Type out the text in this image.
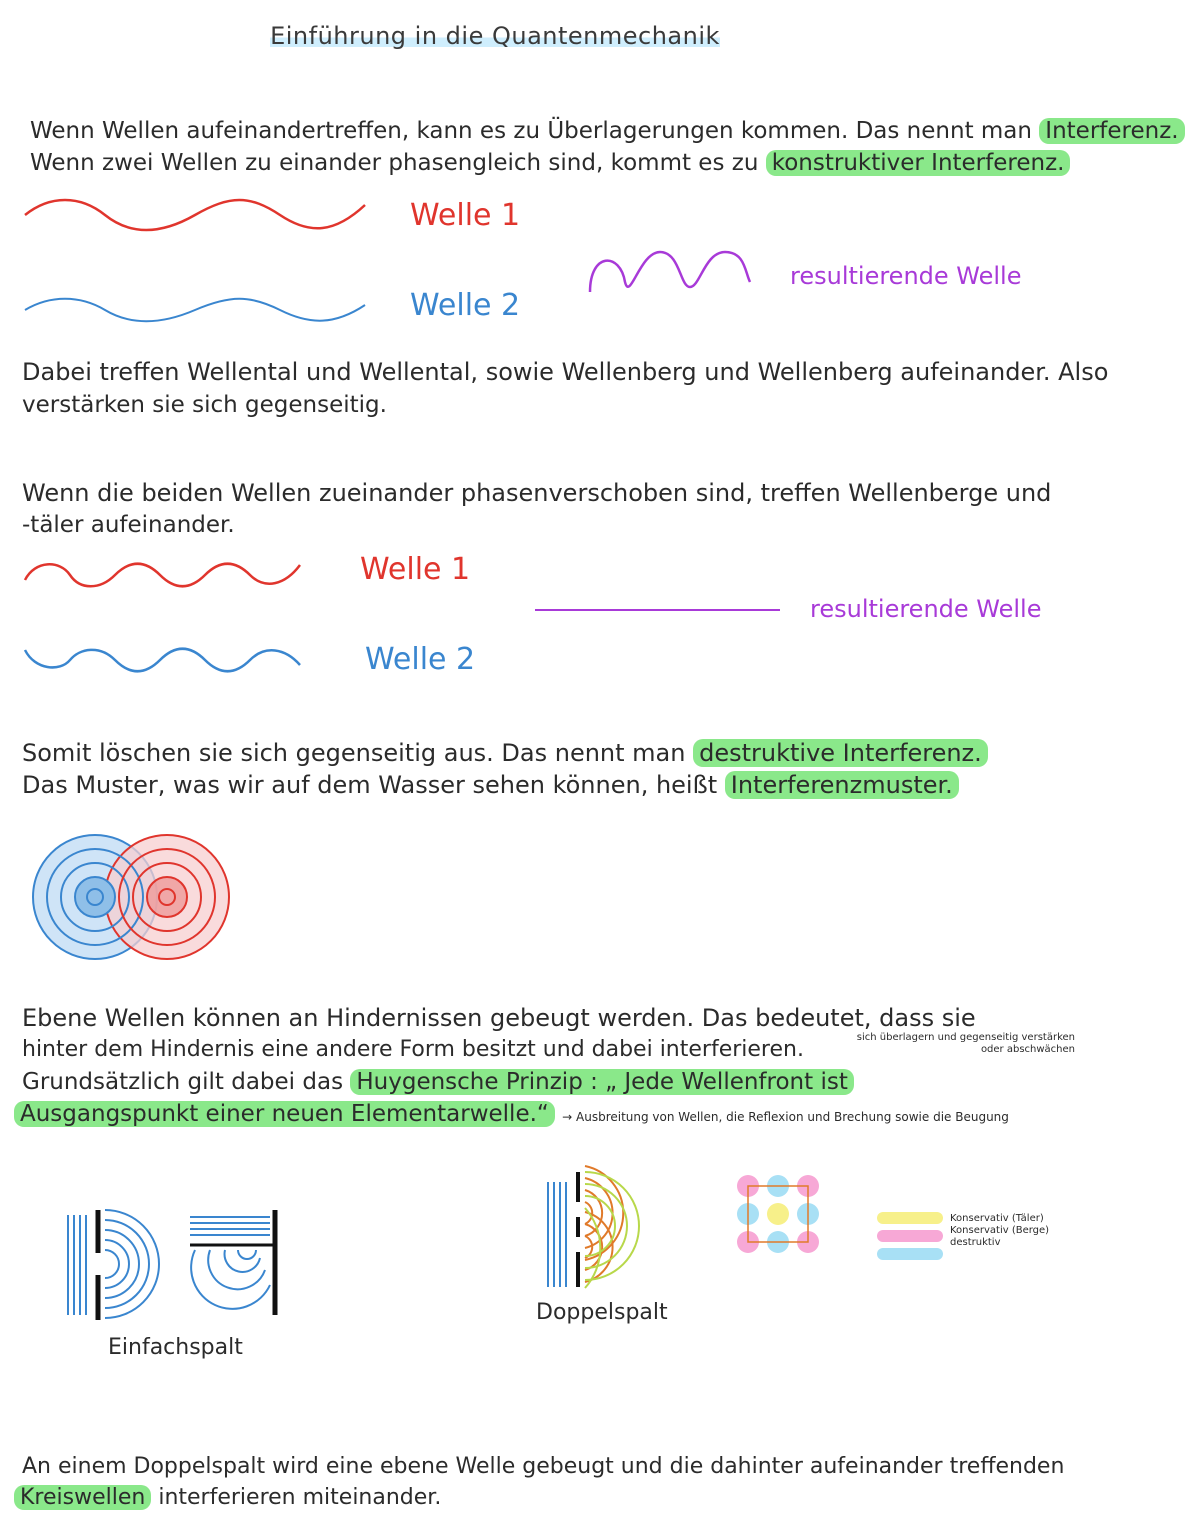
Einführung in die Quantenmechanik
Wenn Wellen aufeinandertreffen, kann es zu Überlagerungen kommen. Das nennt man Interferenz.
Wenn zwei Wellen zu einander phasengleich sind, kommt es zu konstruktiver Interferenz.
Welle 1
Welle 2
resultierende Welle
Dabei treffen Wellental und Wellental, sowie Wellenberg und Wellenberg aufeinander. Also
verstärken sie sich gegenseitig.
Wenn die beiden Wellen zueinander phasenverschoben sind, treffen Wellenberge und
-täler aufeinander.
Welle 1
Welle 2
resultierende Welle
Somit löschen sie sich gegenseitig aus. Das nennt man destruktive Interferenz.
Das Muster, was wir auf dem Wasser sehen können, heißt Interferenzmuster.
Ebene Wellen können an Hindernissen gebeugt werden. Das bedeutet, dass sie
hinter dem Hindernis eine andere Form besitzt und dabei interferieren.	sich überlagern und gegenseitig verstärken
oder abschwächen
Grundsätzlich gilt dabei das Huygensche Prinzip : „ Jede Wellenfront ist
Ausgangspunkt einer neuen Elementarwelle.“ → Ausbreitung von Wellen, die Reflexion und Brechung sowie die Beugung
Einfachspalt
Doppelspalt
Konservativ (Täler)
Konservativ (Berge)
destruktiv
An einem Doppelspalt wird eine ebene Welle gebeugt und die dahinter aufeinander treffenden
Kreiswellen interferieren miteinander.
